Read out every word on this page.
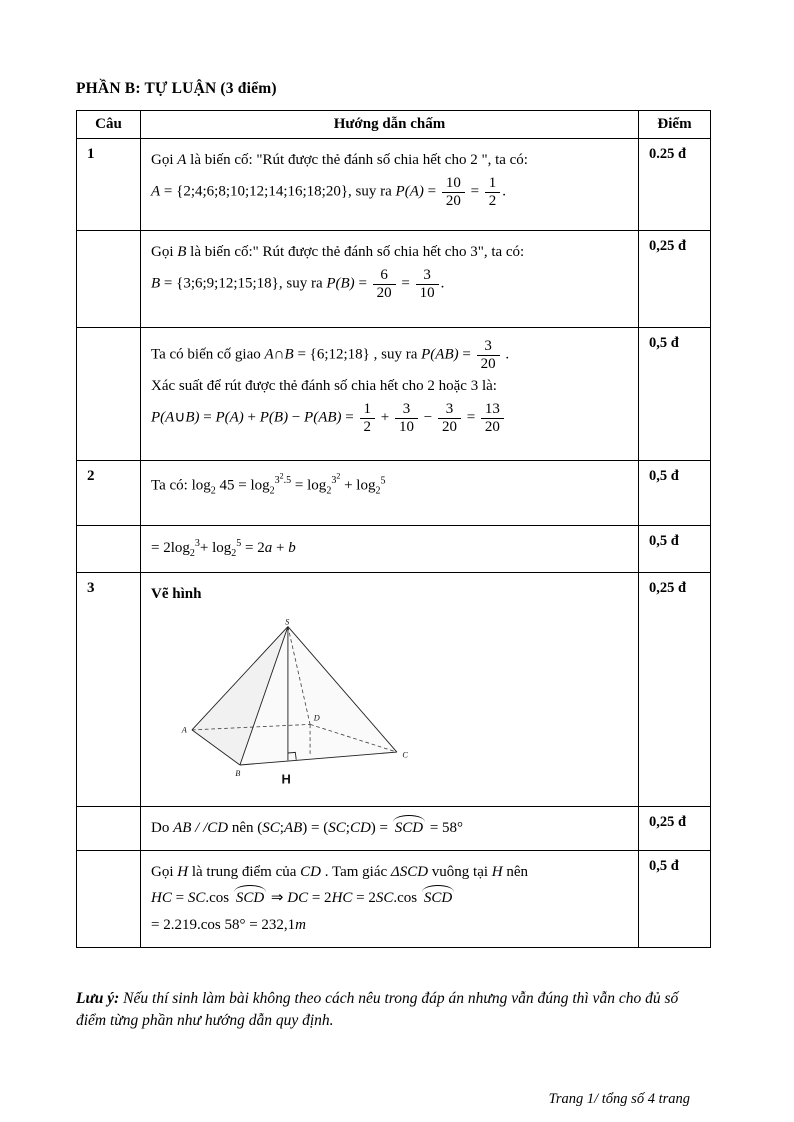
PHẦN B: TỰ LUẬN (3 điểm)
Câu	Hướng dẫn chấm	Điểm
1	Gọi A là biến cố: "Rút được thẻ đánh số chia hết cho 2 ", ta có:
A = {2;4;6;8;10;12;14;16;18;20}, suy ra $P(A) = \frac{10}{20} = \frac{1}{2}$ .
	0.25 đ

Gọi B là biến cố:" Rút được thẻ đánh số chia hết cho 3", ta có:
B = {3;6;9;12;15;18}, suy ra $P(B) = \frac{6}{20} = \frac{3}{10}$ .
	0,25 đ

Ta có biến cố giao A∩B = {6;12;18} , suy ra $P(AB) = \frac{3}{20}$ .
Xác suất để rút được thẻ đánh số chia hết cho 2 hoặc 3 là:
P(A∪B) = $P(A) + P(B) - P(AB) = \frac{1}{2} + \frac{3}{10} - \frac{3}{20} = \frac{13}{20}$
	0,5 đ
2	Ta có: $\log_2 45 = \log_2^{3^2.5} = \log_2^{3^2} + \log_2^5$	0,5 đ

	= $2\log_2^3+ \log_2^5 = 2a + b$	0,5 đ
3	Vẽ hình
S
A
B
C
D
H
	0,25 đ

	Do AB / /CD nên (SC;AB) = (SC;CD) = SCD = 58°	0,25 đ

	Gọi H là trung điểm của CD . Tam giác ΔSCD vuông tại H nên
HC = SC.cos SCD ⇒ DC = 2HC = 2SC.cos SCD
= 2.219.cos 58° = 232,1m	0,5 đ
Lưu ý: Nếu thí sinh làm bài không theo cách nêu trong đáp án nhưng vẫn đúng thì vẫn cho đủ số điểm từng phần như hướng dẫn quy định.
Trang 1/ tổng số 4 trang
